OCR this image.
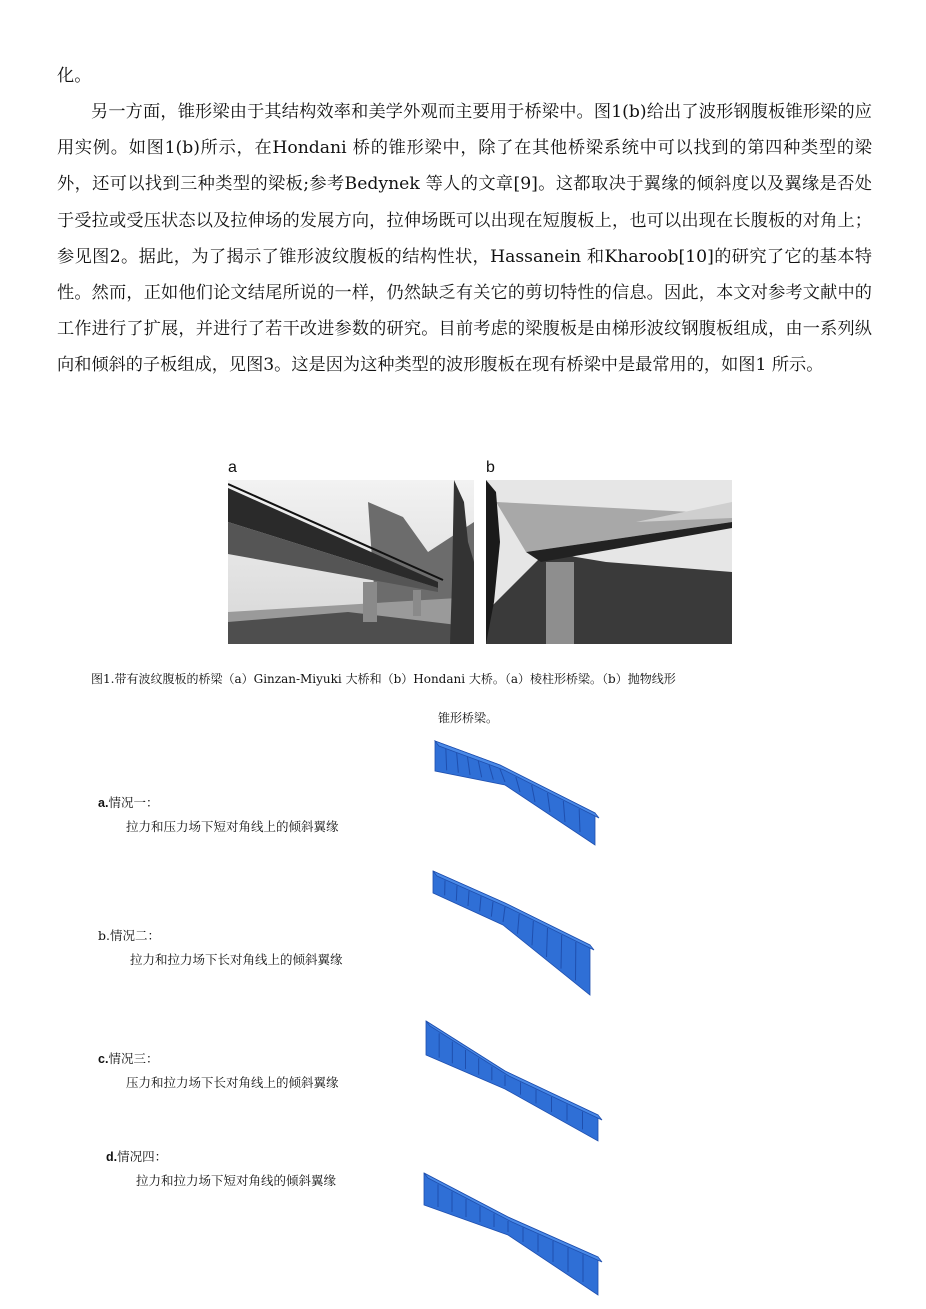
化。

另一方面，锥形梁由于其结构效率和美学外观而主要用于桥梁中。图1(b)给出了波形钢腹板锥形梁的应用实例。如图1(b)所示，在Hondani 桥的锥形梁中，除了在其他桥梁系统中可以找到的第四种类型的梁外，还可以找到三种类型的梁板;参考Bedynek 等人的文章[9]。这都取决于翼缘的倾斜度以及翼缘是否处于受拉或受压状态以及拉伸场的发展方向，拉伸场既可以出现在短腹板上，也可以出现在长腹板的对角上；参见图2。据此，为了揭示了锥形波纹腹板的结构性状，Hassanein 和Kharoob[10]的研究了它的基本特性。然而，正如他们论文结尾所说的一样，仍然缺乏有关它的剪切特性的信息。因此，本文对参考文献中的工作进行了扩展，并进行了若干改进参数的研究。目前考虑的梁腹板是由梯形波纹钢腹板组成，由一系列纵向和倾斜的子板组成，见图3。这是因为这种类型的波形腹板在现有桥梁中是最常用的，如图1 所示。

a	b

图1.带有波纹腹板的桥梁（a）Ginzan-Miyuki 大桥和（b）Hondani 大桥。（a）棱柱形桥梁。（b）抛物线形

锥形桥梁。

a.情况一：

拉力和压力场下短对角线上的倾斜翼缘

b.情况二：

拉力和拉力场下长对角线上的倾斜翼缘

c.情况三：

压力和拉力场下长对角线上的倾斜翼缘

d.情况四：

拉力和拉力场下短对角线的倾斜翼缘
